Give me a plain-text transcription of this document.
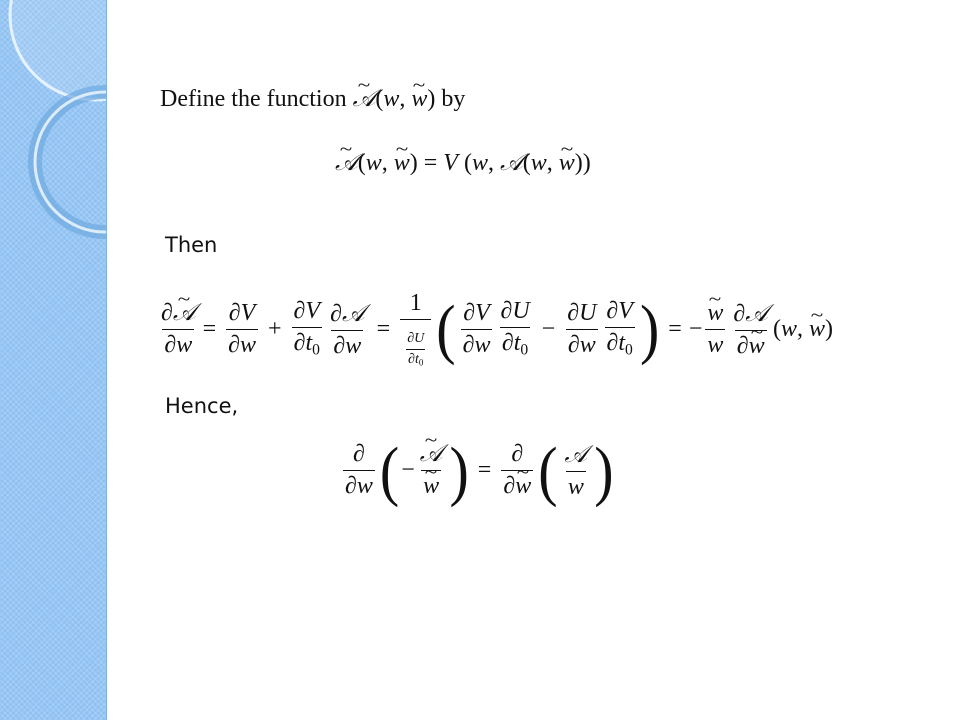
Define the function 𝒜 ~(w, w ~) by
𝒜 ~(w, w ~) = V (w, 𝒜(w, w ~))
Then
$\frac{\text{∂𝒜 \textasciitilde{}}}{\partial w} = \frac{\partial V}{\partial w} + \frac{\partial V}{\partial t_0} \frac{\text{∂𝒜}}{\partial w} = \frac{1}{\frac{\partial U}{\partial t_0}}$ ( $\frac{\partial V}{\partial w} \frac{\partial U}{\partial t_0} - \frac{\partial U}{\partial w} \frac{\partial V}{\partial t_0}$ ) = − $\frac{w \sim}{w} \frac{\text{∂𝒜}}{\partial w}$ ~ (w, w ~)
Hence,
$\frac{\partial}{\partial w}$ ( − $\frac{\text{𝒜 \textasciitilde{}}}{w}$ ~ ) = $\frac{\partial}{\partial w}$ ~ ( $\frac{\text{𝒜}}{w}$ )
